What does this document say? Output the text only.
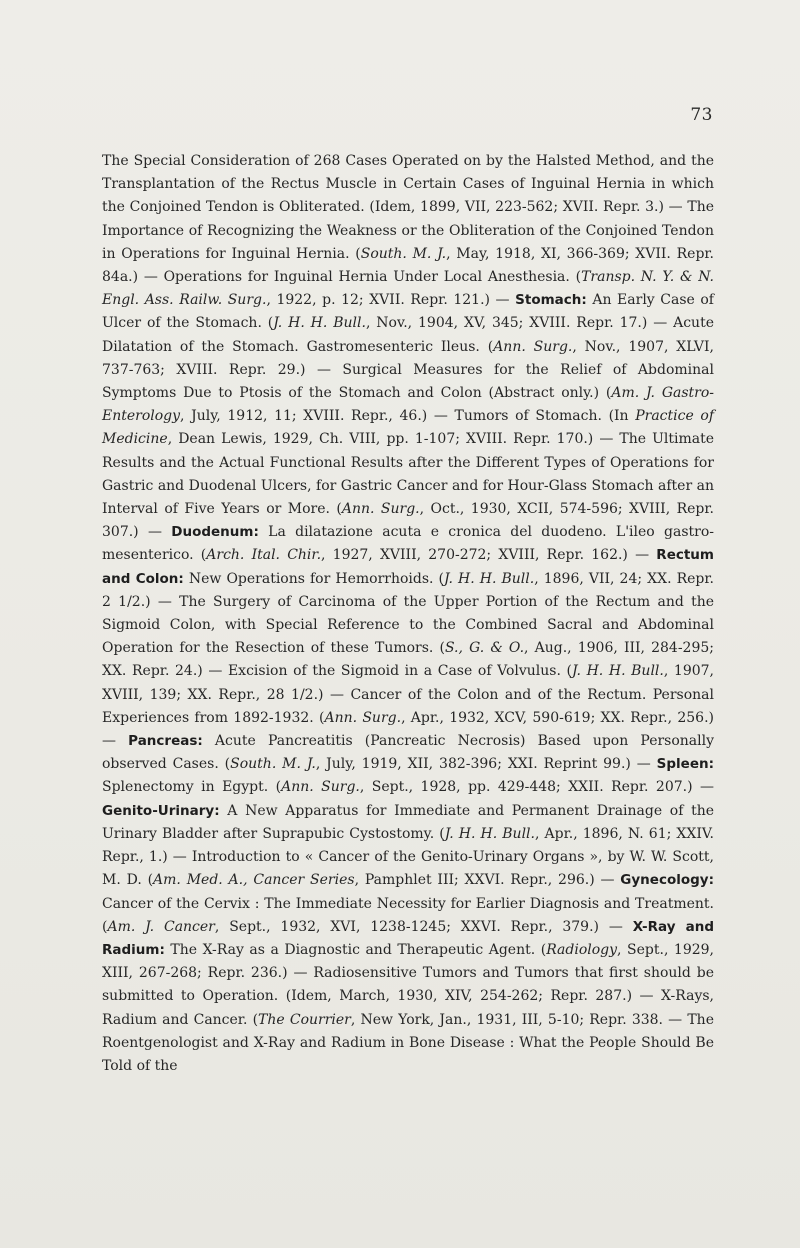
73
The Special Consideration of 268 Cases Operated on by the Halsted Method, and the Transplantation of the Rectus Muscle in Certain Cases of Inguinal Hernia in which the Conjoined Tendon is Obliterated. (Idem, 1899, VII, 223-562; XVII. Repr. 3.) — The Importance of Recognizing the Weakness or the Obliteration of the Conjoined Tendon in Operations for Inguinal Hernia. (South. M. J., May, 1918, XI, 366-369; XVII. Repr. 84a.) — Operations for Inguinal Hernia Under Local Anesthesia. (Transp. N. Y. & N. Engl. Ass. Railw. Surg., 1922, p. 12; XVII. Repr. 121.) — Stomach: An Early Case of Ulcer of the Stomach. (J. H. H. Bull., Nov., 1904, XV, 345; XVIII. Repr. 17.) — Acute Dilatation of the Stomach. Gastromesenteric Ileus. (Ann. Surg., Nov., 1907, XLVI, 737-763; XVIII. Repr. 29.) — Surgical Measures for the Relief of Abdominal Symptoms Due to Ptosis of the Stomach and Colon (Abstract only.) (Am. J. Gastro-Enterology, July, 1912, 11; XVIII. Repr., 46.) — Tumors of Stomach. (In Practice of Medicine, Dean Lewis, 1929, Ch. VIII, pp. 1-107; XVIII. Repr. 170.) — The Ultimate Results and the Actual Functional Results after the Different Types of Operations for Gastric and Duodenal Ulcers, for Gastric Cancer and for Hour-Glass Stomach after an Interval of Five Years or More. (Ann. Surg., Oct., 1930, XCII, 574-596; XVIII, Repr. 307.) — Duodenum: La dilatazione acuta e cronica del duodeno. L'ileo gastro-mesenterico. (Arch. Ital. Chir., 1927, XVIII, 270-272; XVIII, Repr. 162.) — Rectum and Colon: New Operations for Hemorrhoids. (J. H. H. Bull., 1896, VII, 24; XX. Repr. 2 1/2.) — The Surgery of Carcinoma of the Upper Portion of the Rectum and the Sigmoid Colon, with Special Reference to the Combined Sacral and Abdominal Operation for the Resection of these Tumors. (S., G. & O., Aug., 1906, III, 284-295; XX. Repr. 24.) — Excision of the Sigmoid in a Case of Volvulus. (J. H. H. Bull., 1907, XVIII, 139; XX. Repr., 28 1/2.) — Cancer of the Colon and of the Rectum. Personal Experiences from 1892-1932. (Ann. Surg., Apr., 1932, XCV, 590-619; XX. Repr., 256.) — Pancreas: Acute Pancreatitis (Pancreatic Necrosis) Based upon Personally observed Cases. (South. M. J., July, 1919, XII, 382-396; XXI. Reprint 99.) — Spleen: Splenectomy in Egypt. (Ann. Surg., Sept., 1928, pp. 429-448; XXII. Repr. 207.) — Genito-Urinary: A New Apparatus for Immediate and Permanent Drainage of the Urinary Bladder after Suprapubic Cystostomy. (J. H. H. Bull., Apr., 1896, N. 61; XXIV. Repr., 1.) — Introduction to « Cancer of the Genito-Urinary Organs », by W. W. Scott, M. D. (Am. Med. A., Cancer Series, Pamphlet III; XXVI. Repr., 296.) — Gynecology: Cancer of the Cervix : The Immediate Necessity for Earlier Diagnosis and Treatment. (Am. J. Cancer, Sept., 1932, XVI, 1238-1245; XXVI. Repr., 379.) — X-Ray and Radium: The X-Ray as a Diagnostic and Therapeutic Agent. (Radiology, Sept., 1929, XIII, 267-268; Repr. 236.) — Radiosensitive Tumors and Tumors that first should be submitted to Operation. (Idem, March, 1930, XIV, 254-262; Repr. 287.) — X-Rays, Radium and Cancer. (The Courrier, New York, Jan., 1931, III, 5-10; Repr. 338. — The Roentgenologist and X-Ray and Radium in Bone Disease : What the People Should Be Told of the
